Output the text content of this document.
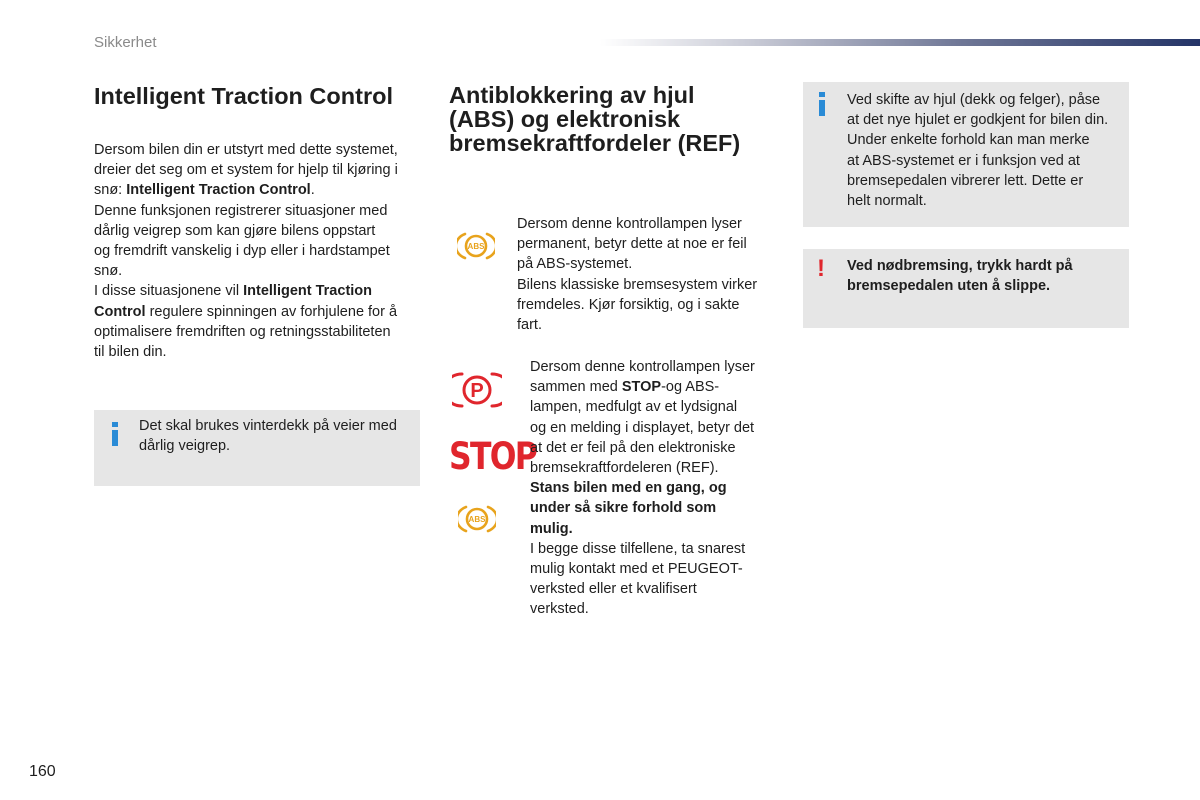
Sikkerhet
Intelligent Traction Control
Dersom bilen din er utstyrt med dette systemet,
dreier det seg om et system for hjelp til kjøring i
snø: Intelligent Traction Control.
Denne funksjonen registrerer situasjoner med
dårlig veigrep som kan gjøre bilens oppstart
og fremdrift vanskelig i dyp eller i hardstampet
snø.
I disse situasjonene vil Intelligent Traction
Control regulere spinningen av forhjulene for å
optimalisere fremdriften og retningsstabiliteten
til bilen din.
Det skal brukes vinterdekk på veier med
dårlig veigrep.
Antiblokkering av hjul
(ABS) og elektronisk
bremsekraftfordeler (REF)
ABS
Dersom denne kontrollampen lyser
permanent, betyr dette at noe er feil
på ABS-systemet.
Bilens klassiske bremsesystem virker
fremdeles. Kjør forsiktig, og i sakte
fart.
P
STOP
ABS
Dersom denne kontrollampen lyser
sammen med STOP-og ABS-
lampen, medfulgt av et lydsignal
og en melding i displayet, betyr det
at det er feil på den elektroniske
bremsekraftfordeleren (REF).
Stans bilen med en gang, og
under så sikre forhold som
mulig.
I begge disse tilfellene, ta snarest
mulig kontakt med et PEUGEOT-
verksted eller et kvalifisert
verksted.
Ved skifte av hjul (dekk og felger), påse
at det nye hjulet er godkjent for bilen din.
Under enkelte forhold kan man merke
at ABS-systemet er i funksjon ved at
bremsepedalen vibrerer lett. Dette er
helt normalt.
! Ved nødbremsing, trykk hardt på
bremsepedalen uten å slippe.
160
